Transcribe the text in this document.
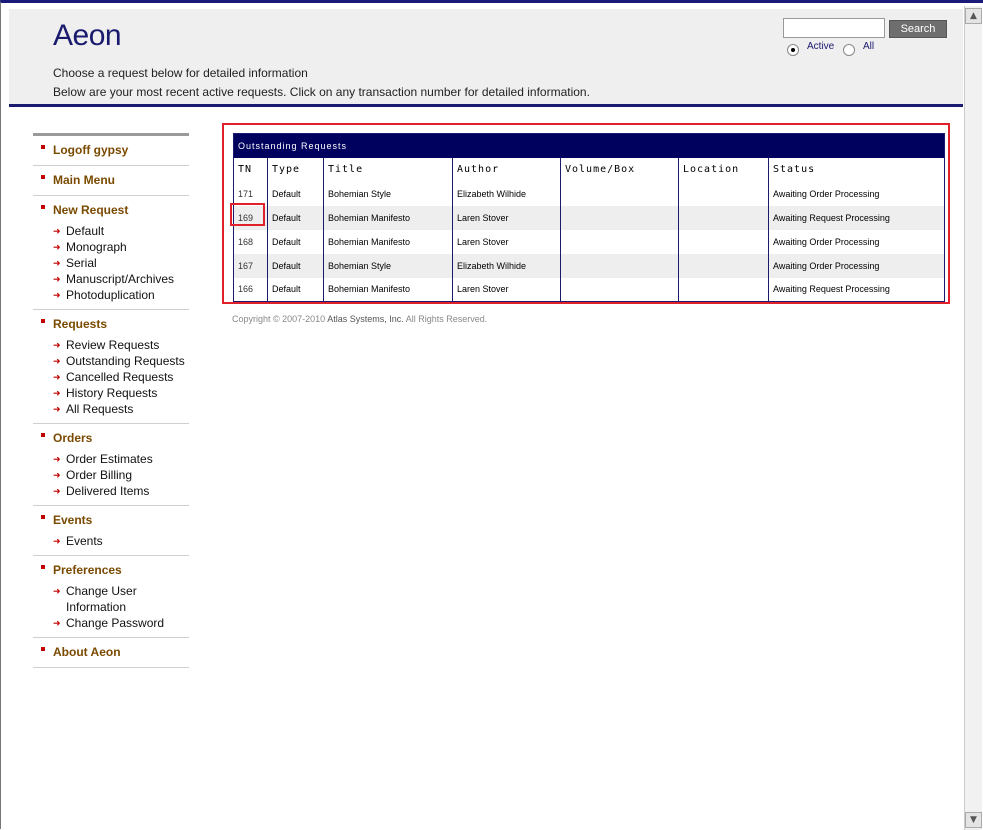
Aeon
Choose a request below for detailed information
Below are your most recent active requests. Click on any transaction number for detailed information.
Search
Active	All
Logoff gypsy
Main Menu
New Request
➜ Default
➜ Monograph
➜ Serial
➜ Manuscript/Archives
➜ Photoduplication
Requests
➜ Review Requests
➜ Outstanding Requests
➜ Cancelled Requests
➜ History Requests
➜ All Requests
Orders
➜ Order Estimates
➜ Order Billing
➜ Delivered Items
Events
➜ Events
Preferences
➜ Change User Information
➜ Change Password
About Aeon
Outstanding Requests						
TN	Type	Title	Author	Volume/Box	Location	Status
171	Default	Bohemian Style	Elizabeth Wilhide			Awaiting Order Processing
169	Default	Bohemian Manifesto	Laren Stover			Awaiting Request Processing
168	Default	Bohemian Manifesto	Laren Stover			Awaiting Order Processing
167	Default	Bohemian Style	Elizabeth Wilhide			Awaiting Order Processing
166	Default	Bohemian Manifesto	Laren Stover			Awaiting Request Processing
Copyright © 2007-2010 Atlas Systems, Inc. All Rights Reserved.
▲
▼
